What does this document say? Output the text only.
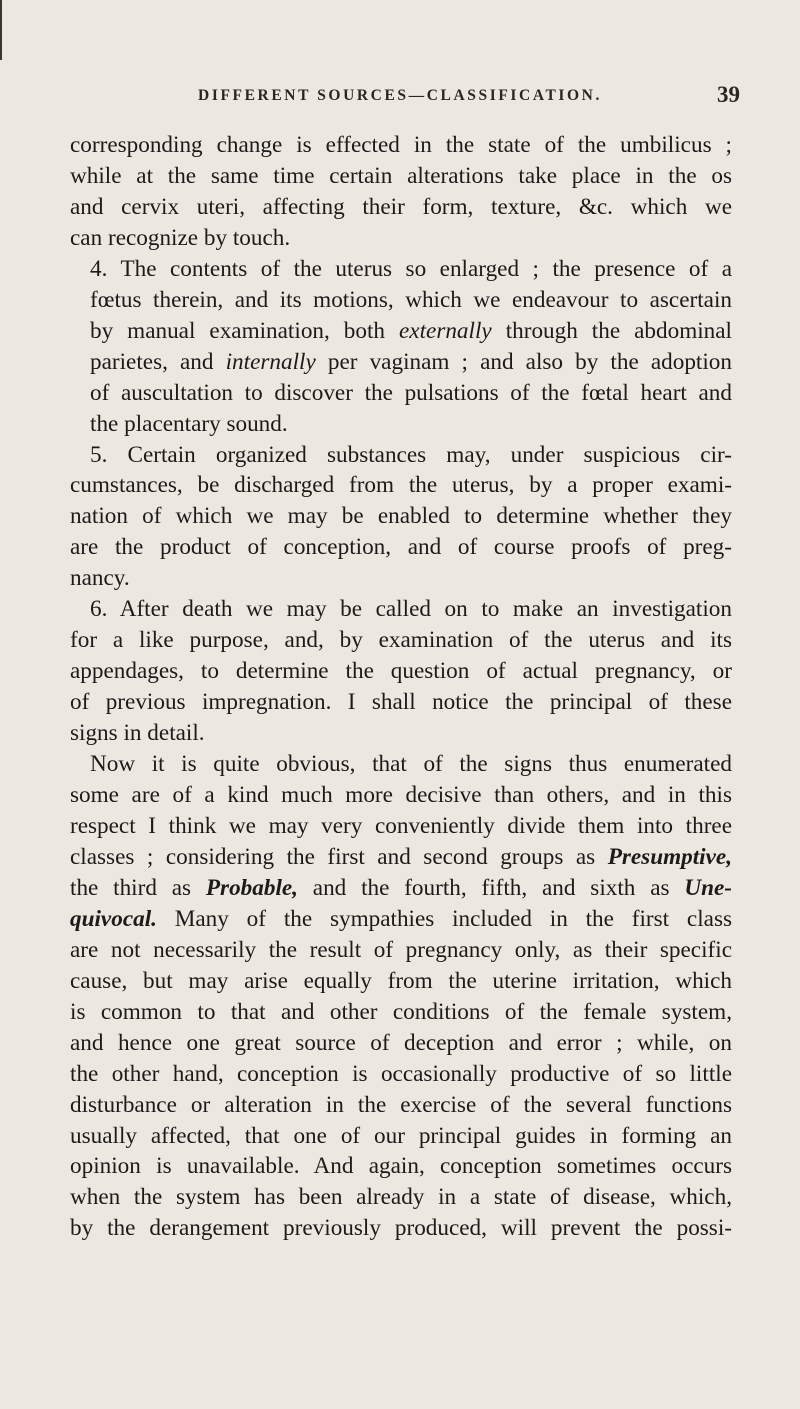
DIFFERENT SOURCES—CLASSIFICATION.	39

corresponding change is effected in the state of the umbilicus ;
while at the same time certain alterations take place in the os
and cervix uteri, affecting their form, texture, &c. which we
can recognize by touch.

4. The contents of the uterus so enlarged ; the presence of a
fœtus therein, and its motions, which we endeavour to ascertain
by manual examination, both externally through the abdominal
parietes, and internally per vaginam ; and also by the adoption
of auscultation to discover the pulsations of the fœtal heart and
the placentary sound.

5. Certain organized substances may, under suspicious cir-
cumstances, be discharged from the uterus, by a proper exami-
nation of which we may be enabled to determine whether they
are the product of conception, and of course proofs of preg-
nancy.

6. After death we may be called on to make an investigation
for a like purpose, and, by examination of the uterus and its
appendages, to determine the question of actual pregnancy, or
of previous impregnation. I shall notice the principal of these
signs in detail.

Now it is quite obvious, that of the signs thus enumerated
some are of a kind much more decisive than others, and in this
respect I think we may very conveniently divide them into three
classes ; considering the first and second groups as Presumptive,
the third as Probable, and the fourth, fifth, and sixth as Une-
quivocal. Many of the sympathies included in the first class
are not necessarily the result of pregnancy only, as their specific
cause, but may arise equally from the uterine irritation, which
is common to that and other conditions of the female system,
and hence one great source of deception and error ; while, on
the other hand, conception is occasionally productive of so little
disturbance or alteration in the exercise of the several functions
usually affected, that one of our principal guides in forming an
opinion is unavailable. And again, conception sometimes occurs
when the system has been already in a state of disease, which,
by the derangement previously produced, will prevent the possi-
